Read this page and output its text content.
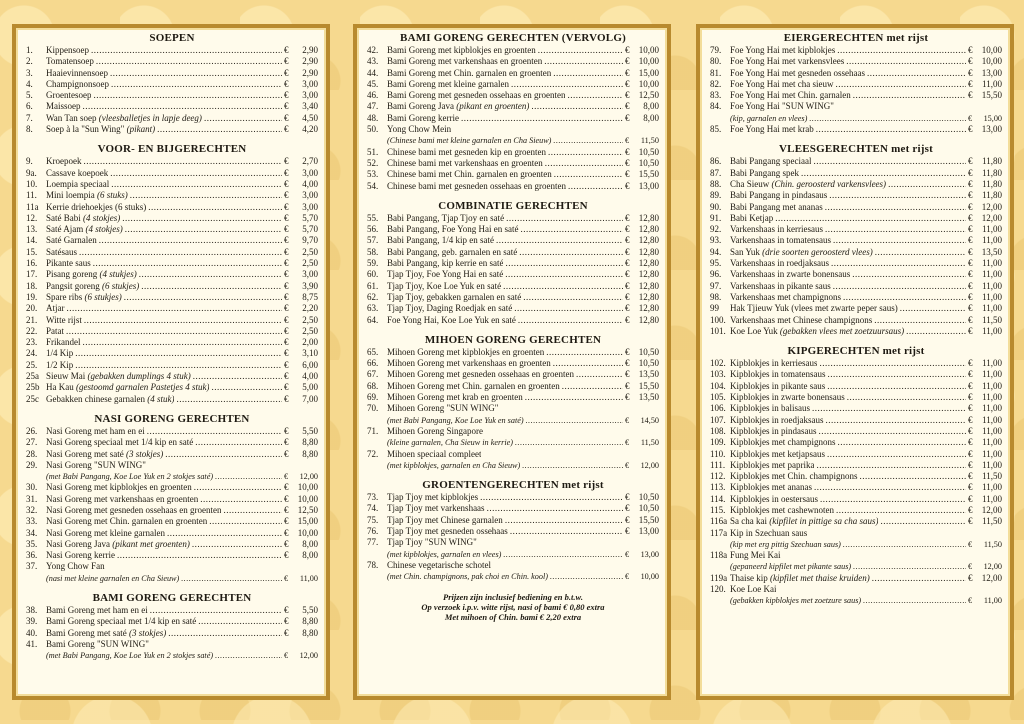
SOEPEN
1.	Kippensoep .....	€ 2,90
2.	Tomatensoep .....	€ 2,90
3.	Haaievinnensoep .....	€ 2,90
4.	Champignonsoep .....	€ 3,00
5.	Groentesoep .....	€ 3,00
6.	Maissoep .....	€ 3,40
7.	Wan Tan soep (vleesballetjes in lapje deeg) .....	€ 4,50
8.	Soep à la "Sun Wing" (pikant) .....	€ 4,20
VOOR- EN BIJGERECHTEN
9.	Kroepoek .....	€ 2,70
9a.	Cassave koepoek .....	€ 3,00
10. Loempia speciaal .....	€ 4,00
11.	Mini loempia (6 stuks) .....	€ 3,00
11a Kerrie driehoekjes (6 stuks) .....	€ 3,00
12. Saté Babi (4 stokjes) .....	€ 5,70
13. Saté Ajam (4 stokjes) .....	€ 5,70
14. Saté Garnalen .....	€ 9,70
15. Satésaus .....	€ 2,50
16. Pikante saus .....	€ 2,50
17. Pisang goreng (4 stukjes) .....	€ 3,00
18. Pangsit goreng (6 stukjes) .....	€ 3,90
19. Spare ribs (6 stukjes) .....	€ 8,75
20. Atjar .....	€ 2,20
21. Witte rijst .....	€ 2,50
22. Patat .....	€ 2,50
23. Frikandel .....	€ 2,00
24. 1/4 Kip .....	€ 3,10
25. 1/2 Kip .....	€ 6,00
25a Sieuw Mai (gebakken dumplings 4 stuk) .....	€ 4,00
25b Ha Kau (gestoomd garnalen Pastetjes 4 stuk) .....	€ 5,00
25c Gebakken chinese garnalen (4 stuk) .....	€ 7,00
NASI GORENG GERECHTEN
26. Nasi Goreng met ham en ei .....	€ 5,50
27. Nasi Goreng speciaal met 1/4 kip en saté .....	€ 8,80
28. Nasi Goreng met saté (3 stokjes) .....	€ 8,80
29. Nasi Goreng "SUN WING"
(met Babi Pangang, Koe Loe Yuk en 2 stokjes saté) .....	€ 12,00
30. Nasi Goreng met kipblokjes en groenten .....	€ 10,00
31. Nasi Goreng met varkenshaas en groenten .....	€ 10,00
32. Nasi Goreng met gesneden ossehaas en groenten .....	€ 12,50
33. Nasi Goreng met Chin. garnalen en groenten .....	€ 15,00
34. Nasi Goreng met kleine garnalen .....	€ 10,00
35. Nasi Goreng Java (pikant met groenten) .....	€ 8,00
36. Nasi Goreng kerrie .....	€ 8,00
37. Yong Chow Fan
(nasi met kleine garnalen en Cha Sieuw) .....	€ 11,00
BAMI GORENG GERECHTEN
38. Bami Goreng met ham en ei .....	€ 5,50
39. Bami Goreng speciaal met 1/4 kip en saté .....	€ 8,80
40. Bami Goreng met saté (3 stokjes) .....	€ 8,80
41. Bami Goreng "SUN WING"
(met Babi Pangang, Koe Loe Yuk en 2 stokjes saté) .....	€ 12,00
BAMI GORENG GERECHTEN (VERVOLG)
42. Bami Goreng met kipblokjes en groenten .....	€ 10,00
43. Bami Goreng met varkenshaas en groenten .....	€ 10,00
44. Bami Goreng met Chin. garnalen en groenten .....	€ 15,00
45. Bami Goreng met kleine garnalen .....	€ 10,00
46. Bami Goreng met gesneden ossehaas en groenten .....	€ 12,50
47. Bami Goreng Java (pikant en groenten) .....	€ 8,00
48. Bami Goreng kerrie .....	€ 8,00
50. Yong Chow Mein
(Chinese bami met kleine garnalen en Cha Sieuw) .....	€ 11,50
51. Chinese bami met gesneden kip en groenten .....	€ 10,50
52. Chinese bami met varkenshaas en groenten .....	€ 10,50
53. Chinese bami met Chin. garnalen en groenten .....	€ 15,50
54. Chinese bami met gesneden ossehaas en groenten .....	€ 13,00
COMBINATIE GERECHTEN
55. Babi Pangang, Tjap Tjoy en saté .....	€ 12,80
56. Babi Pangang, Foe Yong Hai en saté .....	€ 12,80
57. Babi Pangang, 1/4 kip en saté .....	€ 12,80
58. Babi Pangang, geb. garnalen en saté .....	€ 12,80
59. Babi Pangang, kip kerrie en saté .....	€ 12,80
60. Tjap Tjoy, Foe Yong Hai en saté .....	€ 12,80
61. Tjap Tjoy, Koe Loe Yuk en saté .....	€ 12,80
62. Tjap Tjoy, gebakken garnalen en saté .....	€ 12,80
63. Tjap Tjoy, Daging Roedjak en saté .....	€ 12,80
64. Foe Yong Hai, Koe Loe Yuk en saté .....	€ 12,80
MIHOEN GORENG GERECHTEN
65. Mihoen Goreng met kipblokjes en groenten .....	€ 10,50
66. Mihoen Goreng met varkenshaas en groenten .....	€ 10,50
67. Mihoen Goreng met gesneden ossehaas en groenten .....	€ 13,50
68. Mihoen Goreng met Chin. garnalen en groenten .....	€ 15,50
69. Mihoen Goreng met krab en groenten .....	€ 13,50
70. Mihoen Goreng "SUN WING"
(met Babi Pangang, Koe Loe Yuk en saté) .....	€ 14,50
71. Mihoen Goreng Singapore
(kleine garnalen, Cha Sieuw in kerrie) .....	€ 11,50
72. Mihoen speciaal compleet
(met kipblokjes, garnalen en Cha Sieuw) .....	€ 12,00
GROENTENGERECHTEN met rijst
73. Tjap Tjoy met kipblokjes .....	€ 10,50
74. Tjap Tjoy met varkenshaas .....	€ 10,50
75. Tjap Tjoy met Chinese garnalen .....	€ 15,50
76. Tjap Tjoy met gesneden ossehaas .....	€ 13,00
77. Tjap Tjoy "SUN WING"
(met kipblokjes, garnalen en vlees) .....	€ 13,00
78. Chinese vegetarische schotel
(met Chin. champignons, pak choi en Chin. kool) .....	€ 10,00
Prijzen zijn inclusief bediening en b.t.w.
Op verzoek i.p.v. witte rijst, nasi of bami € 0,80 extra
Met mihoen of Chin. bami € 2,20 extra
EIERGERECHTEN met rijst
79. Foe Yong Hai met kipblokjes .....	€ 10,00
80. Foe Yong Hai met varkensvlees .....	€ 10,00
81. Foe Yong Hai met gesneden ossehaas .....	€ 13,00
82. Foe Yong Hai met cha sieuw .....	€ 11,00
83. Foe Yong Hai met Chin. garnalen .....	€ 15,50
84. Foe Yong Hai "SUN WING"
(kip, garnalen en vlees) .....	€ 15,00
85. Foe Yong Hai met krab .....	€ 13,00
VLEESGERECHTEN met rijst
86. Babi Pangang speciaal .....	€ 11,80
87. Babi Pangang spek .....	€ 11,80
88. Cha Sieuw (Chin. geroosterd varkensvlees) .....	€ 11,80
89. Babi Pangang in pindasaus .....	€ 11,80
90. Babi Pangang met ananas .....	€ 12,00
91. Babi Ketjap .....	€ 12,00
92. Varkenshaas in kerriesaus .....	€ 11,00
93. Varkenshaas in tomatensaus .....	€ 11,00
94. San Yuk (drie soorten geroosterd vlees) .....	€ 13,50
95. Varkenshaas in roedjaksaus .....	€ 11,00
96. Varkenshaas in zwarte bonensaus .....	€ 11,00
97. Varkenshaas in pikante saus .....	€ 11,00
98. Varkenshaas met champignons .....	€ 11,00
99	Hak Tjieuw Yuk (vlees met zwarte peper saus) .....	€ 11,00
100. Varkenshaas met Chinese champignons .....	€ 11,50
101. Koe Loe Yuk (gebakken vlees met zoetzuursaus) .....	€ 11,00
KIPGERECHTEN met rijst
102. Kipblokjes in kerriesaus .....	€ 11,00
103. Kipblokjes in tomatensaus .....	€ 11,00
104. Kipblokjes in pikante saus .....	€ 11,00
105. Kipblokjes in zwarte bonensaus .....	€ 11,00
106. Kipblokjes in balisaus .....	€ 11,00
107. Kipblokjes in roedjaksaus .....	€ 11,00
108. Kipblokjes in pindasaus .....	€ 11,00
109. Kipblokjes met champignons .....	€ 11,00
110. Kipblokjes met ketjapsaus .....	€ 11,00
111. Kipblokjes met paprika .....	€ 11,00
112. Kipblokjes met Chin. champignons .....	€ 11,50
113. Kipblokjes met ananas .....	€ 11,00
114. Kipblokjes in oestersaus .....	€ 11,00
115. Kipblokjes met cashewnoten .....	€ 12,00
116a Sa cha kai (kipfilet in pittige sa cha saus) .....	€ 11,50
117a Kip in Szechuan saus
(kip met erg pittig Szechuan saus) .....	€ 11,50
118a Fung Mei Kai
(gepaneerd kipfilet met pikante saus) .....	€ 12,00
119a Thaise kip (kipfilet met thaise kruiden) .....	€ 12,00
120. Koe Loe Kai
(gebakken kipblokjes met zoetzure saus) .....	€ 11,00
